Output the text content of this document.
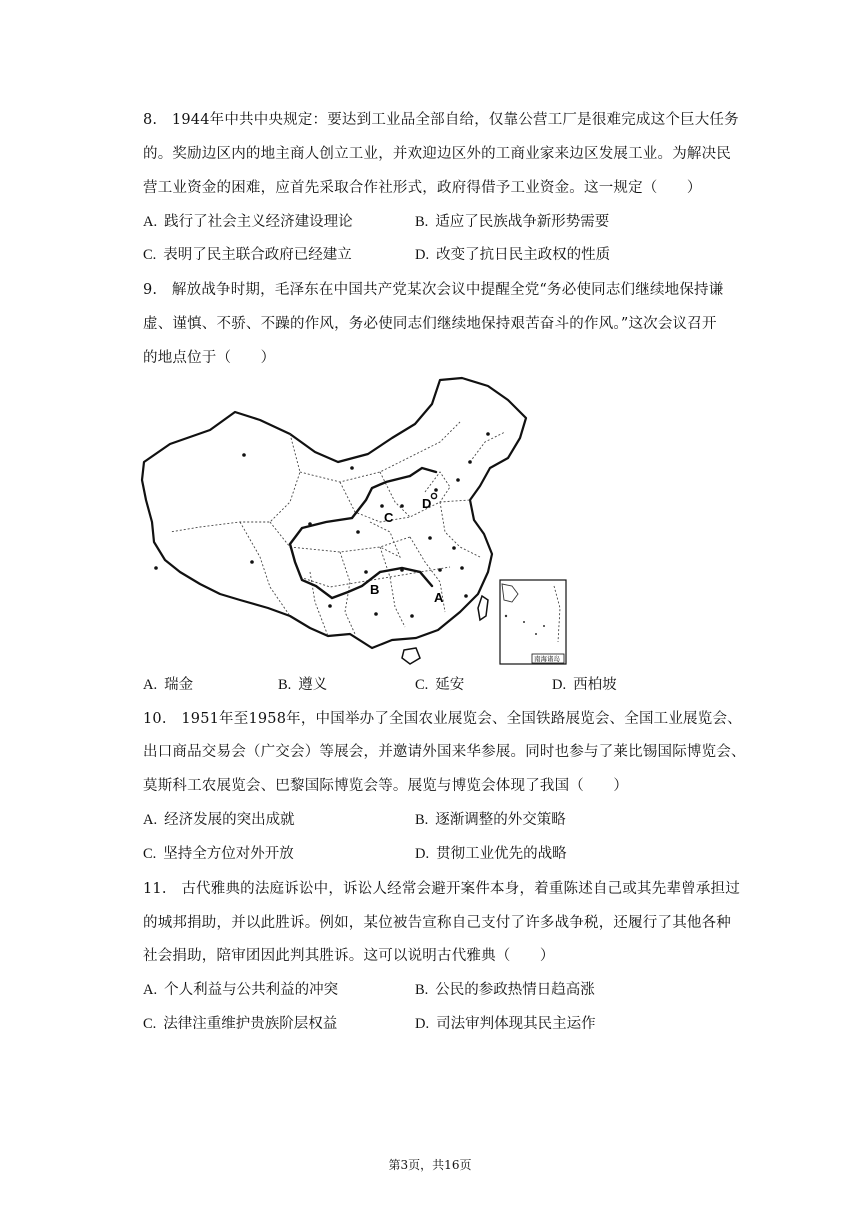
8.　1944年中共中央规定：要达到工业品全部自给，仅靠公营工厂是很难完成这个巨大任务
的。奖励边区内的地主商人创立工业，并欢迎边区外的工商业家来边区发展工业。为解决民
营工业资金的困难，应首先采取合作社形式，政府得借予工业资金。这一规定（　　）
A. 践行了社会主义经济建设理论	B. 适应了民族战争新形势需要
C. 表明了民主联合政府已经建立	D. 改变了抗日民主政权的性质
9.　解放战争时期，毛泽东在中国共产党某次会议中提醒全党“务必使同志们继续地保持谦
虚、谨慎、不骄、不躁的作风，务必使同志们继续地保持艰苦奋斗的作风。”这次会议召开
的地点位于（　　）
A
B
C
D
南海诸岛
A. 瑞金	B. 遵义	C. 延安	D. 西柏坡
10.　1951年至1958年，中国举办了全国农业展览会、全国铁路展览会、全国工业展览会、
出口商品交易会（广交会）等展会，并邀请外国来华参展。同时也参与了莱比锡国际博览会、
莫斯科工农展览会、巴黎国际博览会等。展览与博览会体现了我国（　　）
A. 经济发展的突出成就	B. 逐渐调整的外交策略
C. 坚持全方位对外开放	D. 贯彻工业优先的战略
11.　古代雅典的法庭诉讼中，诉讼人经常会避开案件本身，着重陈述自己或其先辈曾承担过
的城邦捐助，并以此胜诉。例如，某位被告宣称自己支付了许多战争税，还履行了其他各种
社会捐助，陪审团因此判其胜诉。这可以说明古代雅典（　　）
A. 个人利益与公共利益的冲突	B. 公民的参政热情日趋高涨
C. 法律注重维护贵族阶层权益	D. 司法审判体现其民主运作
第3页，共16页
